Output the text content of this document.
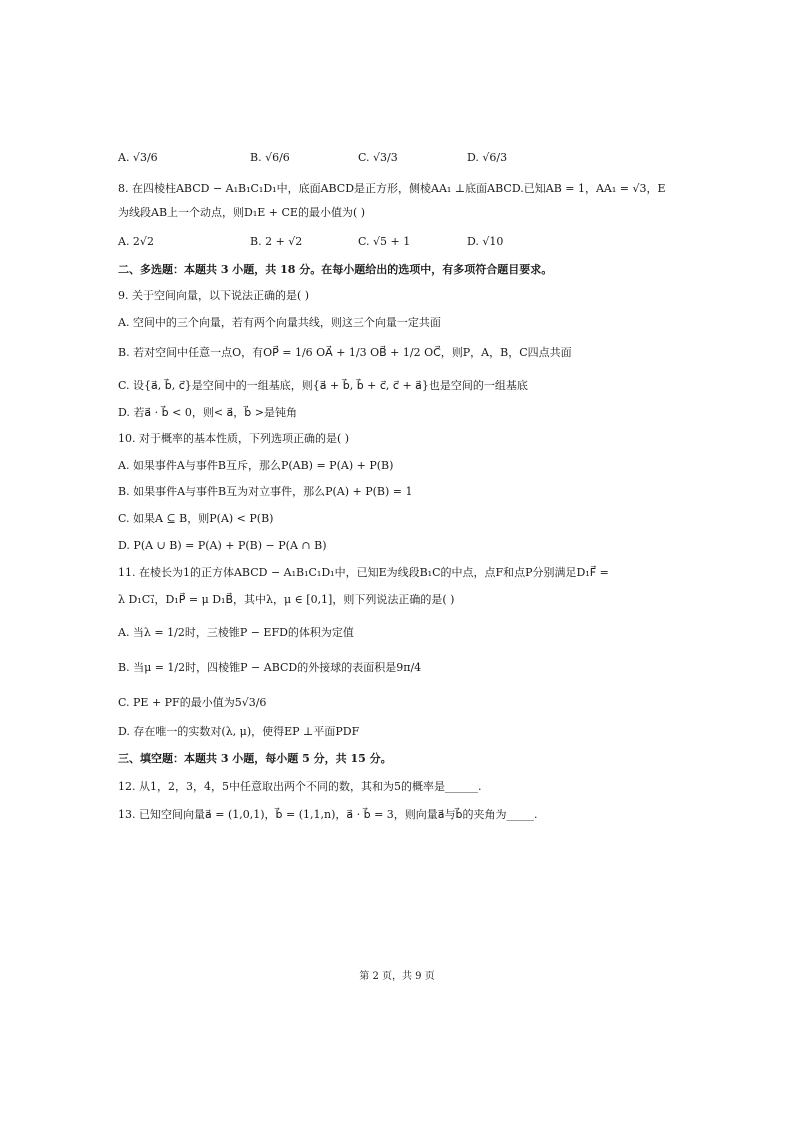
A. √3/6	B. √6/6	C. √3/3	D. √6/3
8. 在四棱柱ABCD − A₁B₁C₁D₁中，底面ABCD是正方形，侧棱AA₁ ⊥底面ABCD.已知AB = 1，AA₁ = √3，E
为线段AB上一个动点，则D₁E + CE的最小值为( )
A. 2√2	B. 2 + √2	C. √5 + 1	D. √10
二、多选题：本题共 3 小题，共 18 分。在每小题给出的选项中，有多项符合题目要求。
9. 关于空间向量，以下说法正确的是( )
A. 空间中的三个向量，若有两个向量共线，则这三个向量一定共面
B. 若对空间中任意一点O，有OP⃗ = 1/6 OA⃗ + 1/3 OB⃗ + 1/2 OC⃗，则P，A，B，C四点共面
C. 设{a⃗, b⃗, c⃗}是空间中的一组基底，则{a⃗ + b⃗, b⃗ + c⃗, c⃗ + a⃗}也是空间的一组基底
D. 若a⃗ · b⃗ < 0，则< a⃗，b⃗ >是钝角
10. 对于概率的基本性质，下列选项正确的是( )
A. 如果事件A与事件B互斥，那么P(AB) = P(A) + P(B)
B. 如果事件A与事件B互为对立事件，那么P(A) + P(B) = 1
C. 如果A ⊆ B，则P(A) < P(B)
D. P(A ∪ B) = P(A) + P(B) − P(A ∩ B)
11. 在棱长为1的正方体ABCD − A₁B₁C₁D₁中，已知E为线段B₁C的中点，点F和点P分别满足D₁F⃗ =
λ D₁C₁⃗，D₁P⃗ = μ D₁B⃗，其中λ，μ ∈ [0,1]，则下列说法正确的是( )
A. 当λ = 1/2时，三棱锥P − EFD的体积为定值
B. 当μ = 1/2时，四棱锥P − ABCD的外接球的表面积是9π/4
C. PE + PF的最小值为5√3/6
D. 存在唯一的实数对(λ, μ)，使得EP ⊥平面PDF
三、填空题：本题共 3 小题，每小题 5 分，共 15 分。
12. 从1，2，3，4，5中任意取出两个不同的数，其和为5的概率是______.
13. 已知空间向量a⃗ = (1,0,1)，b⃗ = (1,1,n)，a⃗ · b⃗ = 3，则向量a⃗与b⃗的夹角为_____.
第 2 页，共 9 页
